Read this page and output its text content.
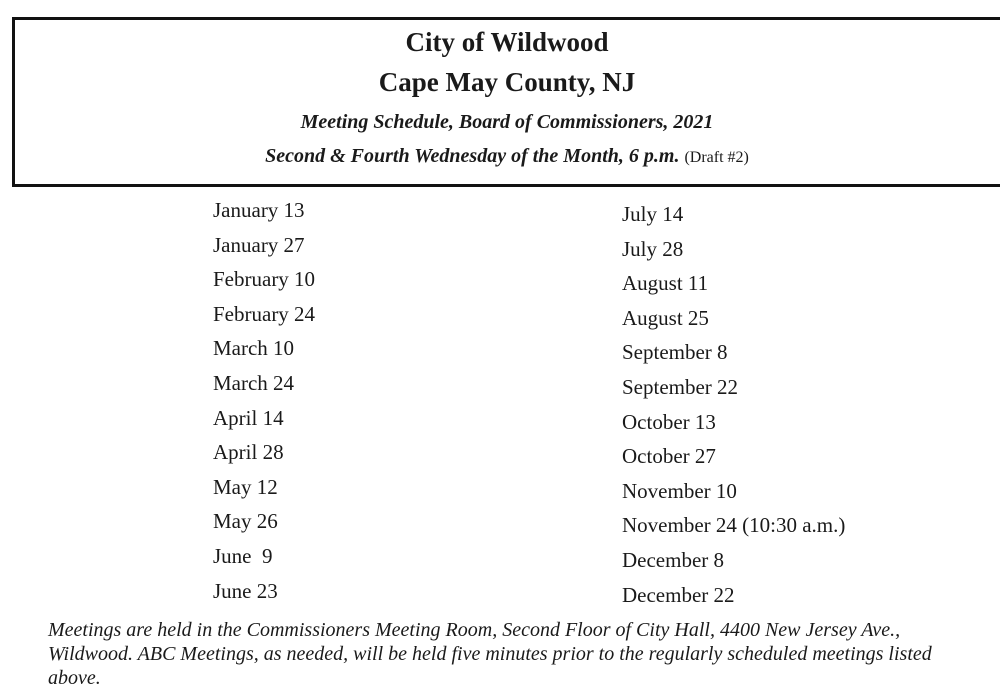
City of Wildwood
Cape May County, NJ
Meeting Schedule, Board of Commissioners, 2021
Second & Fourth Wednesday of the Month, 6 p.m. (Draft #2)
January 13
January 27
February 10
February 24
March 10
March 24
April 14
April 28
May 12
May 26
June  9
June 23
July 14
July 28
August 11
August 25
September 8
September 22
October 13
October 27
November 10
November 24 (10:30 a.m.)
December 8
December 22
Meetings are held in the Commissioners Meeting Room, Second Floor of City Hall, 4400 New Jersey Ave., Wildwood. ABC Meetings, as needed, will be held five minutes prior to the regularly scheduled meetings listed above.
